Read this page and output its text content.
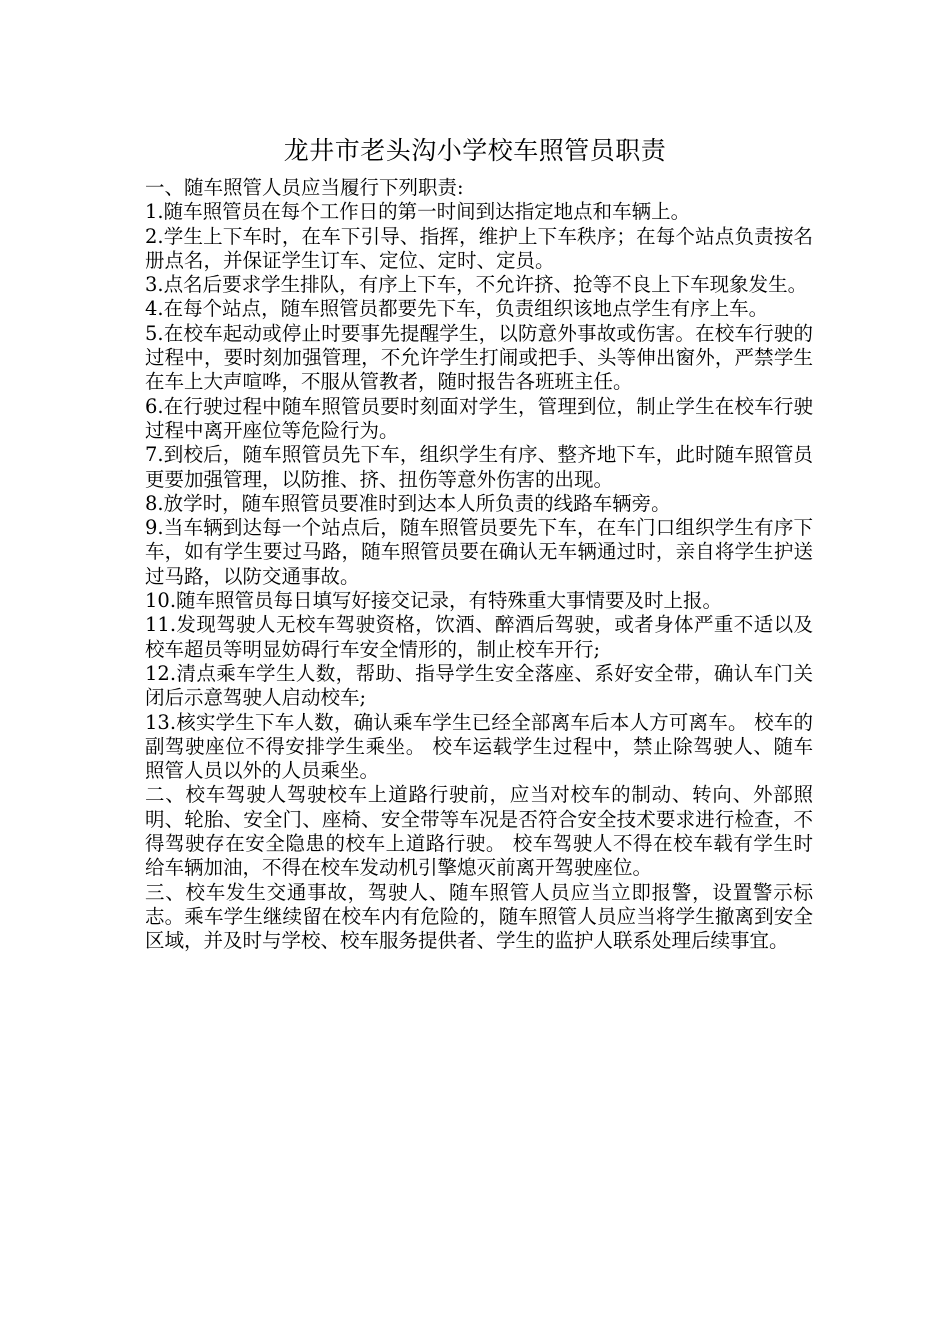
龙井市老头沟小学校车照管员职责

一、随车照管人员应当履行下列职责:

1.随车照管员在每个工作日的第一时间到达指定地点和车辆上。

2.学生上下车时，在车下引导、指挥，维护上下车秩序；在每个站点负责按名册点名，并保证学生订车、定位、定时、定员。

3.点名后要求学生排队，有序上下车，不允许挤、抢等不良上下车现象发生。

4.在每个站点，随车照管员都要先下车，负责组织该地点学生有序上车。

5.在校车起动或停止时要事先提醒学生，以防意外事故或伤害。在校车行驶的过程中，要时刻加强管理，不允许学生打闹或把手、头等伸出窗外，严禁学生在车上大声喧哗，不服从管教者，随时报告各班班主任。

6.在行驶过程中随车照管员要时刻面对学生，管理到位，制止学生在校车行驶过程中离开座位等危险行为。

7.到校后，随车照管员先下车，组织学生有序、整齐地下车，此时随车照管员更要加强管理，以防推、挤、扭伤等意外伤害的出现。

8.放学时，随车照管员要准时到达本人所负责的线路车辆旁。

9.当车辆到达每一个站点后，随车照管员要先下车，在车门口组织学生有序下车，如有学生要过马路，随车照管员要在确认无车辆通过时，亲自将学生护送过马路，以防交通事故。

10.随车照管员每日填写好接交记录，有特殊重大事情要及时上报。

11.发现驾驶人无校车驾驶资格，饮酒、醉酒后驾驶，或者身体严重不适以及校车超员等明显妨碍行车安全情形的，制止校车开行;

12.清点乘车学生人数，帮助、指导学生安全落座、系好安全带，确认车门关闭后示意驾驶人启动校车;

13.核实学生下车人数，确认乘车学生已经全部离车后本人方可离车。 校车的副驾驶座位不得安排学生乘坐。 校车运载学生过程中，禁止除驾驶人、随车照管人员以外的人员乘坐。

二、校车驾驶人驾驶校车上道路行驶前，应当对校车的制动、转向、外部照明、轮胎、安全门、座椅、安全带等车况是否符合安全技术要求进行检查，不得驾驶存在安全隐患的校车上道路行驶。 校车驾驶人不得在校车载有学生时给车辆加油，不得在校车发动机引擎熄灭前离开驾驶座位。

三、校车发生交通事故，驾驶人、随车照管人员应当立即报警，设置警示标志。乘车学生继续留在校车内有危险的，随车照管人员应当将学生撤离到安全区域，并及时与学校、校车服务提供者、学生的监护人联系处理后续事宜。
